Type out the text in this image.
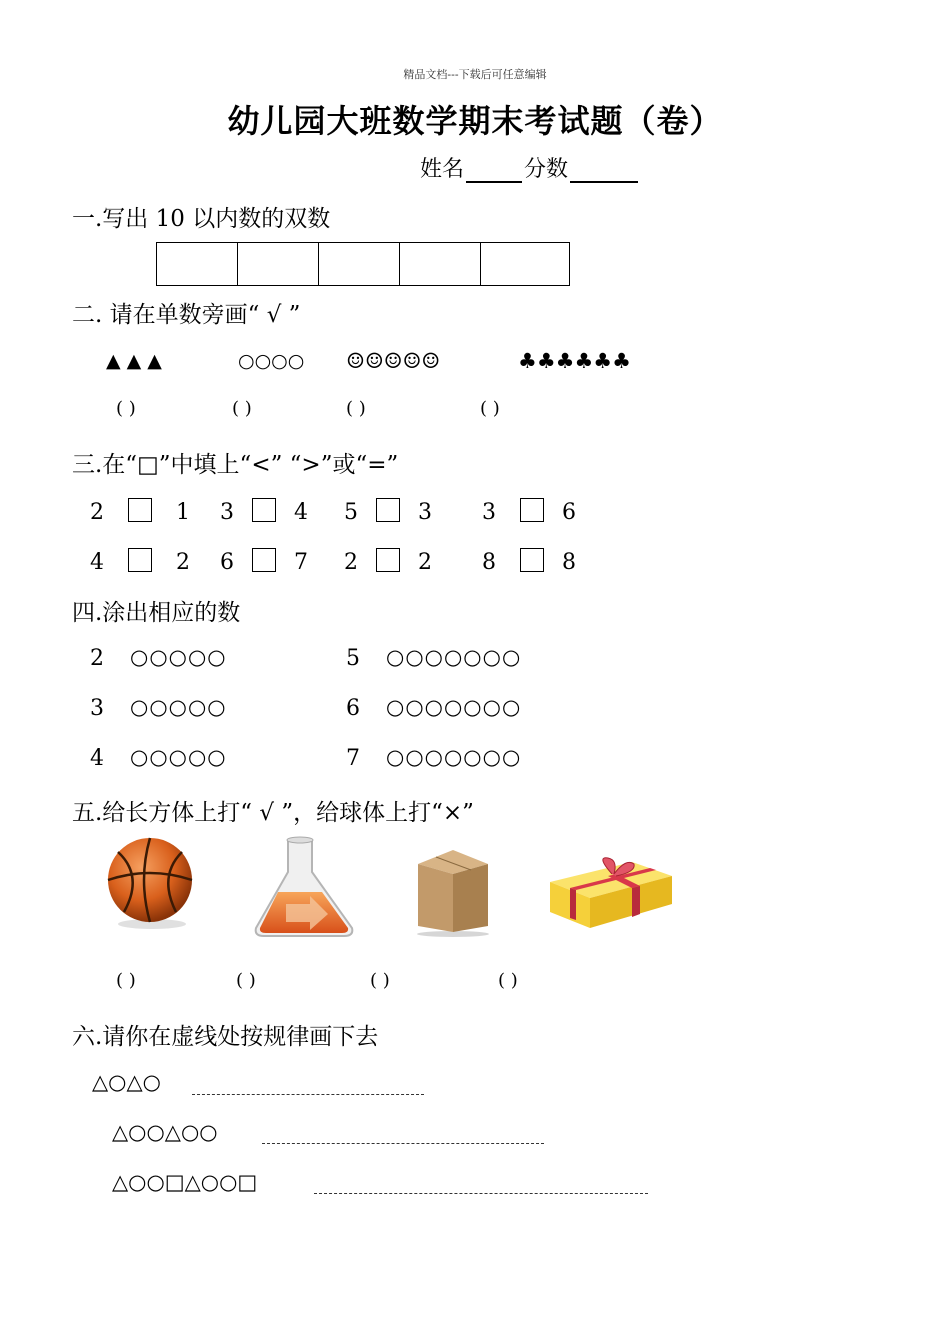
精品文档---下载后可任意编辑
幼儿园大班数学期末考试题（卷）
姓名	分数
一.写出 10 以内数的双数
二. 请在单数旁画“ √ ”
▲ ▲ ▲	○○○○ ☺☺☺☺☺	♣♣♣♣♣♣
( )	( )	( )	( )
三.在“□”中填上“<” “>”或“=”
2	1 3	4 5	3 3	6
4	2 6	7 2	2 8	8
四.涂出相应的数
2 ○○○○○	5 ○○○○○○○
3 ○○○○○	6 ○○○○○○○
4 ○○○○○	7 ○○○○○○○
五.给长方体上打“ √ ”，给球体上打“×”
( )	( )	( )	( )
六.请你在虚线处按规律画下去
△○△○
△○○△○○
△○○□△○○□
